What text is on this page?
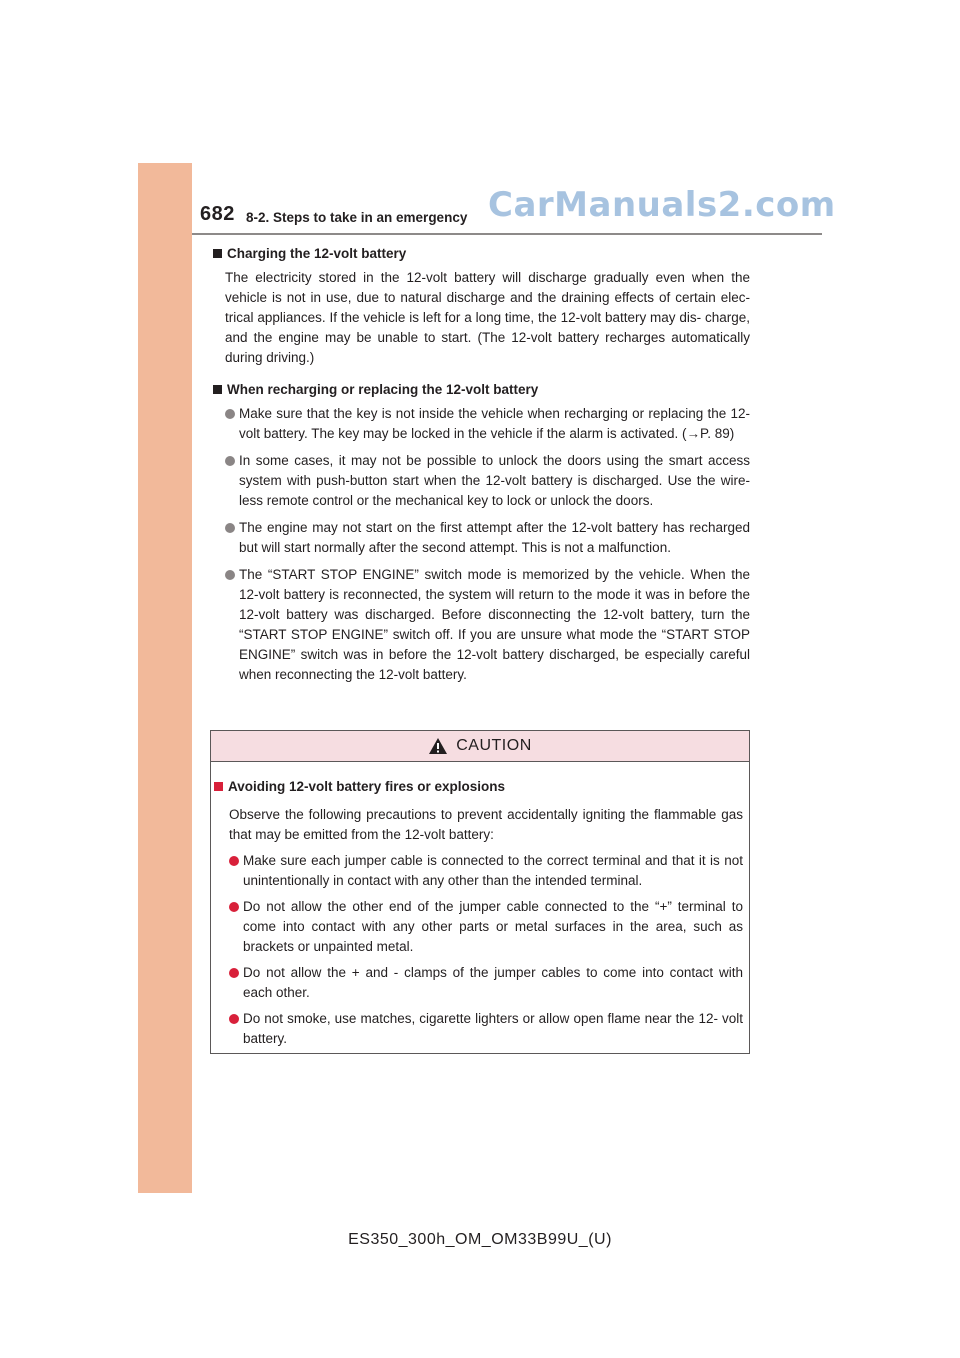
682 8-2. Steps to take in an emergency CarManuals2.com
Charging the 12-volt battery

The electricity stored in the 12-volt battery will discharge gradually even when the vehicle is not in use, due to natural discharge and the draining effects of certain elec- trical appliances. If the vehicle is left for a long time, the 12-volt battery may dis- charge, and the engine may be unable to start. (The 12-volt battery recharges automatically during driving.)

When recharging or replacing the 12-volt battery
Make sure that the key is not inside the vehicle when recharging or replacing the 12-volt battery. The key may be locked in the vehicle if the alarm is activated. (→P. 89)
In some cases, it may not be possible to unlock the doors using the smart access system with push-button start when the 12-volt battery is discharged. Use the wire- less remote control or the mechanical key to lock or unlock the doors.
The engine may not start on the first attempt after the 12-volt battery has recharged but will start normally after the second attempt. This is not a malfunction.
The “START STOP ENGINE” switch mode is memorized by the vehicle. When the 12-volt battery is reconnected, the system will return to the mode it was in before the 12-volt battery was discharged. Before disconnecting the 12-volt battery, turn the “START STOP ENGINE” switch off. If you are unsure what mode the “START STOP ENGINE” switch was in before the 12-volt battery discharged, be especially careful when reconnecting the 12-volt battery.
CAUTION
Avoiding 12-volt battery fires or explosions

Observe the following precautions to prevent accidentally igniting the flammable gas that may be emitted from the 12-volt battery:

Make sure each jumper cable is connected to the correct terminal and that it is not unintentionally in contact with any other than the intended terminal.
Do not allow the other end of the jumper cable connected to the “+” terminal to come into contact with any other parts or metal surfaces in the area, such as brackets or unpainted metal.
Do not allow the + and - clamps of the jumper cables to come into contact with each other.
Do not smoke, use matches, cigarette lighters or allow open flame near the 12- volt battery.
ES350_300h_OM_OM33B99U_(U)
